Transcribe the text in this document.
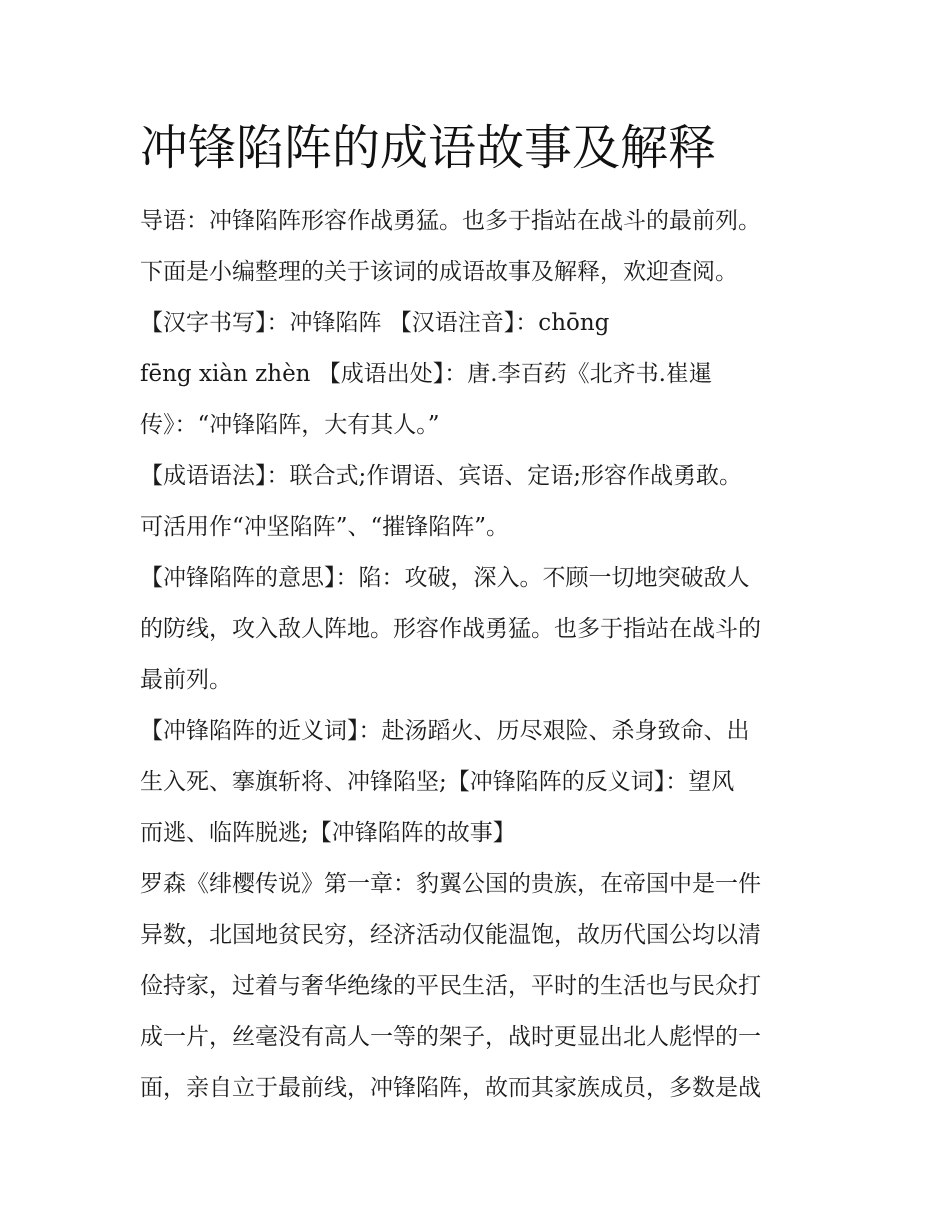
冲锋陷阵的成语故事及解释

导语：冲锋陷阵形容作战勇猛。也多于指站在战斗的最前列。

下面是小编整理的关于该词的成语故事及解释，欢迎查阅。

【汉字书写】：冲锋陷阵 【汉语注音】：chōng

fēng xiàn zhèn 【成语出处】：唐.李百药《北齐书.崔暹

传》：“冲锋陷阵，大有其人。”

【成语语法】：联合式;作谓语、宾语、定语;形容作战勇敢。

可活用作“冲坚陷阵”、“摧锋陷阵”。

【冲锋陷阵的意思】：陷：攻破，深入。不顾一切地突破敌人

的防线，攻入敌人阵地。形容作战勇猛。也多于指站在战斗的

最前列。

【冲锋陷阵的近义词】：赴汤蹈火、历尽艰险、杀身致命、出

生入死、搴旗斩将、冲锋陷坚;【冲锋陷阵的反义词】：望风

而逃、临阵脱逃;【冲锋陷阵的故事】

罗森《绯樱传说》第一章：豹翼公国的贵族，在帝国中是一件

异数，北国地贫民穷，经济活动仅能温饱，故历代国公均以清

俭持家，过着与奢华绝缘的平民生活，平时的生活也与民众打

成一片，丝毫没有高人一等的架子，战时更显出北人彪悍的一

面，亲自立于最前线，冲锋陷阵，故而其家族成员，多数是战
